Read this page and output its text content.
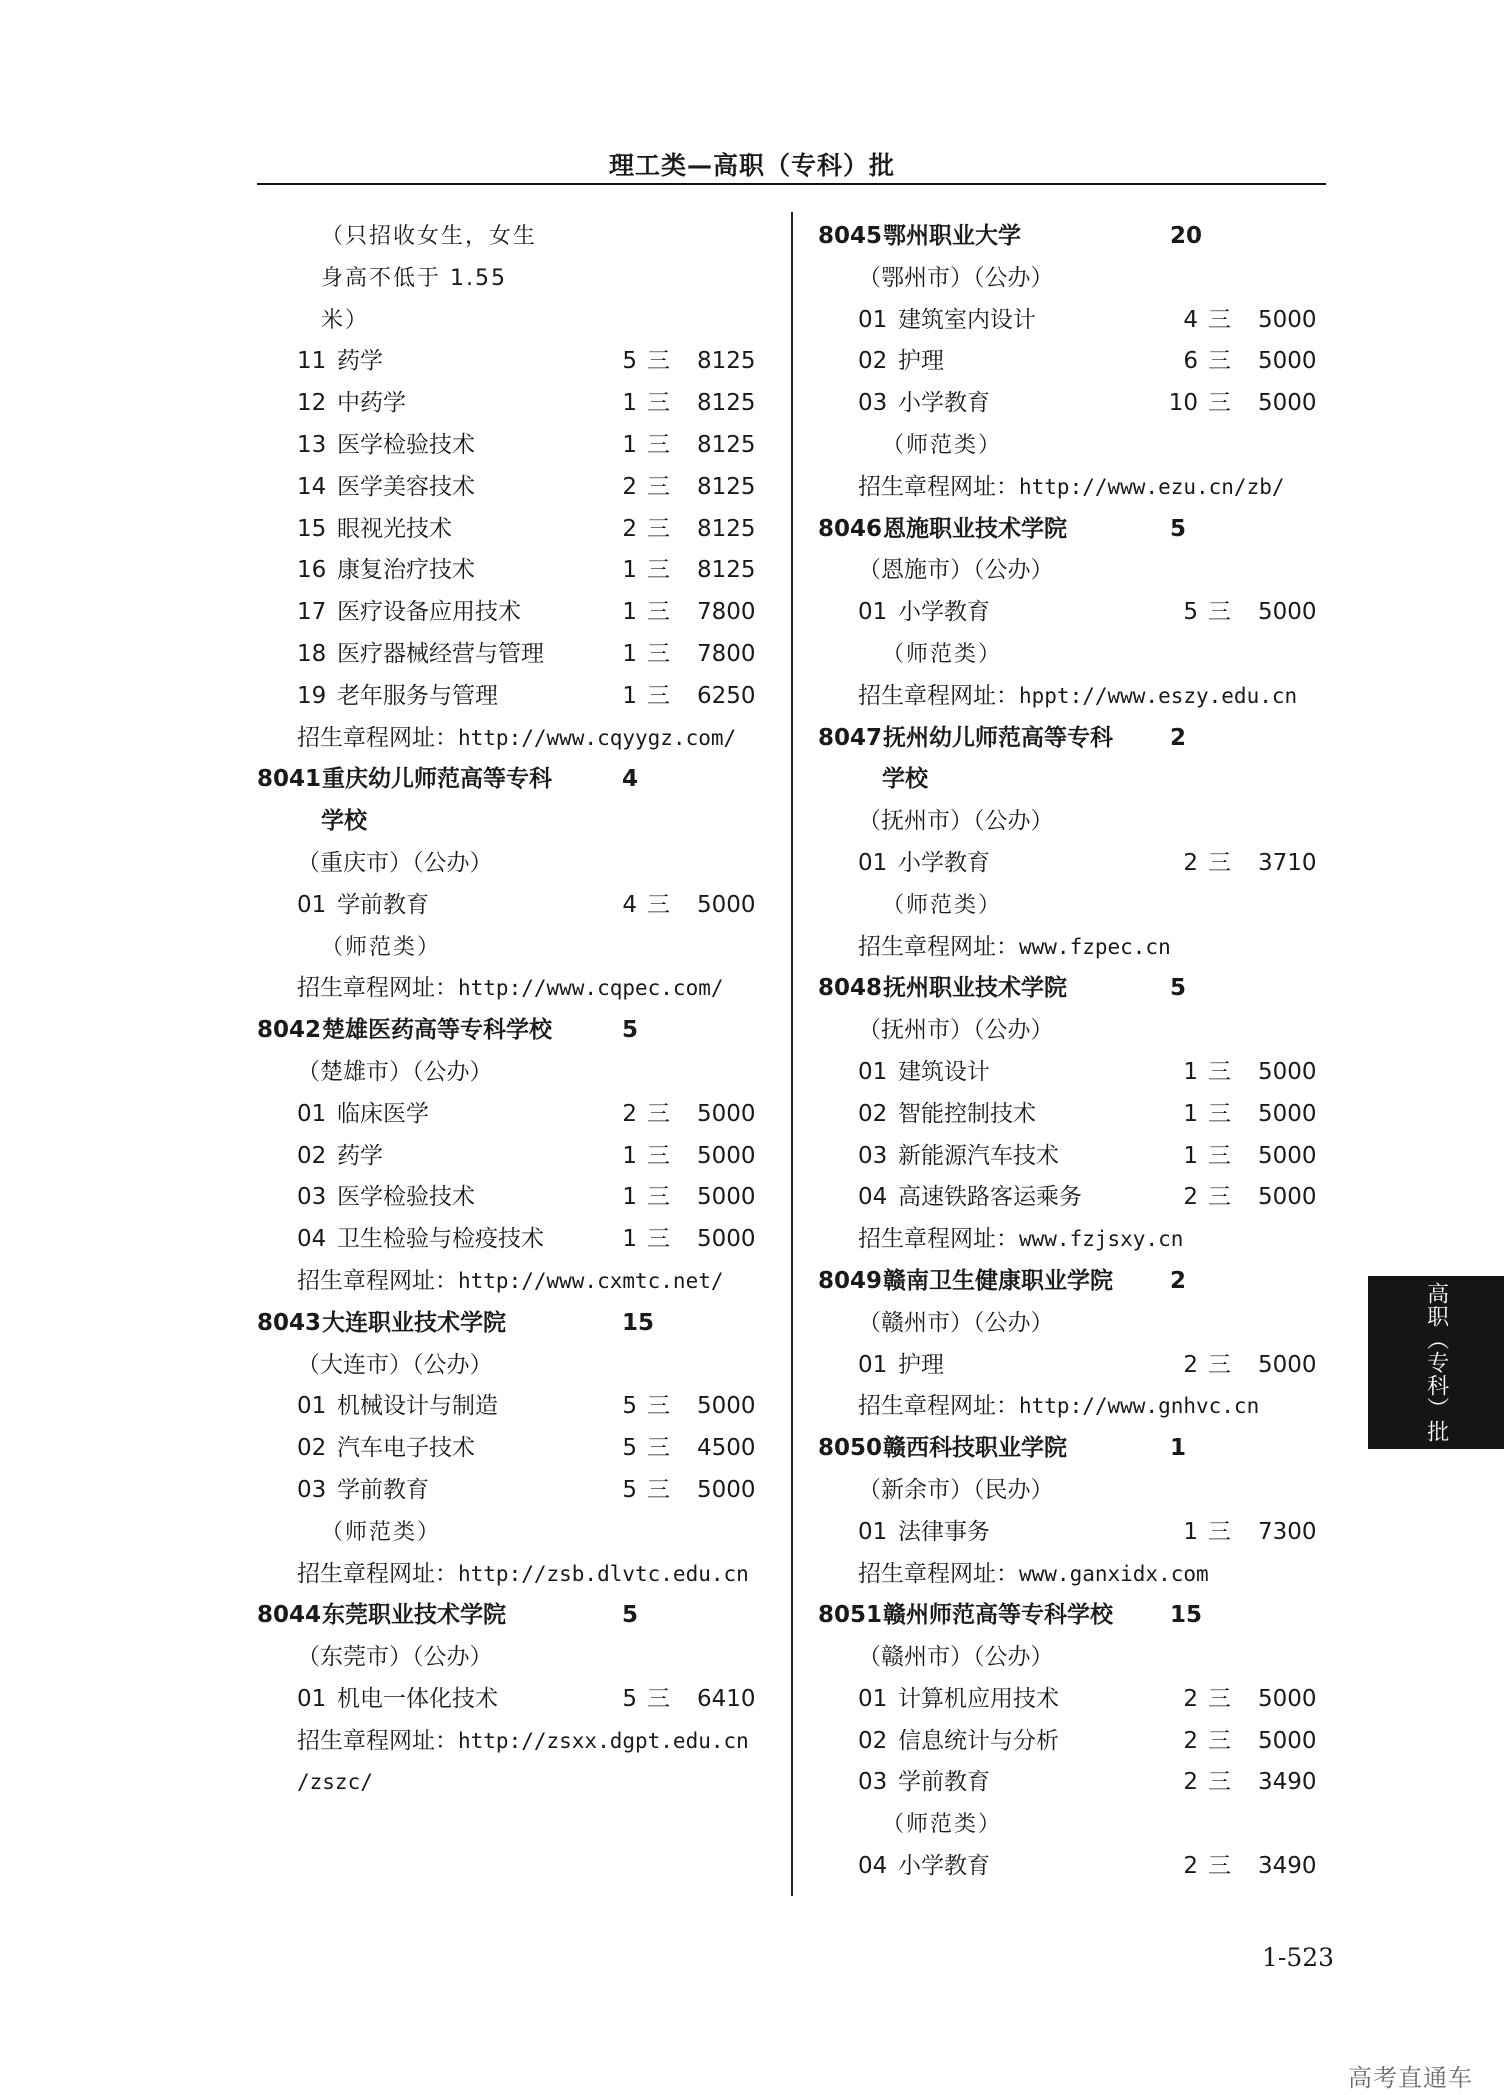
理工类—高职（专科）批
（只招收女生，女生
身高不低于 1.55
米）
11 药学	5 三 8125
12 中药学	1 三 8125
13 医学检验技术	1 三 8125
14 医学美容技术	2 三 8125
15 眼视光技术	2 三 8125
16 康复治疗技术	1 三 8125
17 医疗设备应用技术	1 三 7800
18 医疗器械经营与管理	1 三 7800
19 老年服务与管理	1 三 6250
招生章程网址：http://www.cqyygz.com/
8041重庆幼儿师范高等专科	4
学校
（重庆市）（公办）
01 学前教育	4 三 5000
（师范类）
招生章程网址：http://www.cqpec.com/
8042楚雄医药高等专科学校	5
（楚雄市）（公办）
01 临床医学	2 三 5000
02 药学	1 三 5000
03 医学检验技术	1 三 5000
04 卫生检验与检疫技术	1 三 5000
招生章程网址：http://www.cxmtc.net/
8043大连职业技术学院	15
（大连市）（公办）
01 机械设计与制造	5 三 5000
02 汽车电子技术	5 三 4500
03 学前教育	5 三 5000
（师范类）
招生章程网址：http://zsb.dlvtc.edu.cn
8044东莞职业技术学院	5
（东莞市）（公办）
01 机电一体化技术	5 三 6410
招生章程网址：http://zsxx.dgpt.edu.cn
/zszc/
8045鄂州职业大学	20
（鄂州市）（公办）
01 建筑室内设计	4 三 5000
02 护理	6 三 5000
03 小学教育	10 三 5000
（师范类）
招生章程网址：http://www.ezu.cn/zb/
8046恩施职业技术学院	5
（恩施市）（公办）
01 小学教育	5 三 5000
（师范类）
招生章程网址：hppt://www.eszy.edu.cn
8047抚州幼儿师范高等专科 2
学校
（抚州市）（公办）
01 小学教育	2 三 3710
（师范类）
招生章程网址：www.fzpec.cn
8048抚州职业技术学院	5
（抚州市）（公办）
01 建筑设计	1 三 5000
02 智能控制技术	1 三 5000
03 新能源汽车技术	1 三 5000
04 高速铁路客运乘务	2 三 5000
招生章程网址：www.fzjsxy.cn
8049赣南卫生健康职业学院 2
（赣州市）（公办）
01 护理	2 三 5000
招生章程网址：http://www.gnhvc.cn
8050赣西科技职业学院	1
（新余市）（民办）
01 法律事务	1 三 7300
招生章程网址：www.ganxidx.com
8051赣州师范高等专科学校 15
（赣州市）（公办）
01 计算机应用技术	2 三 5000
02 信息统计与分析	2 三 5000
03 学前教育	2 三 3490
（师范类）
04 小学教育	2 三 3490
高职（专科）批
1-523
高考直通车
